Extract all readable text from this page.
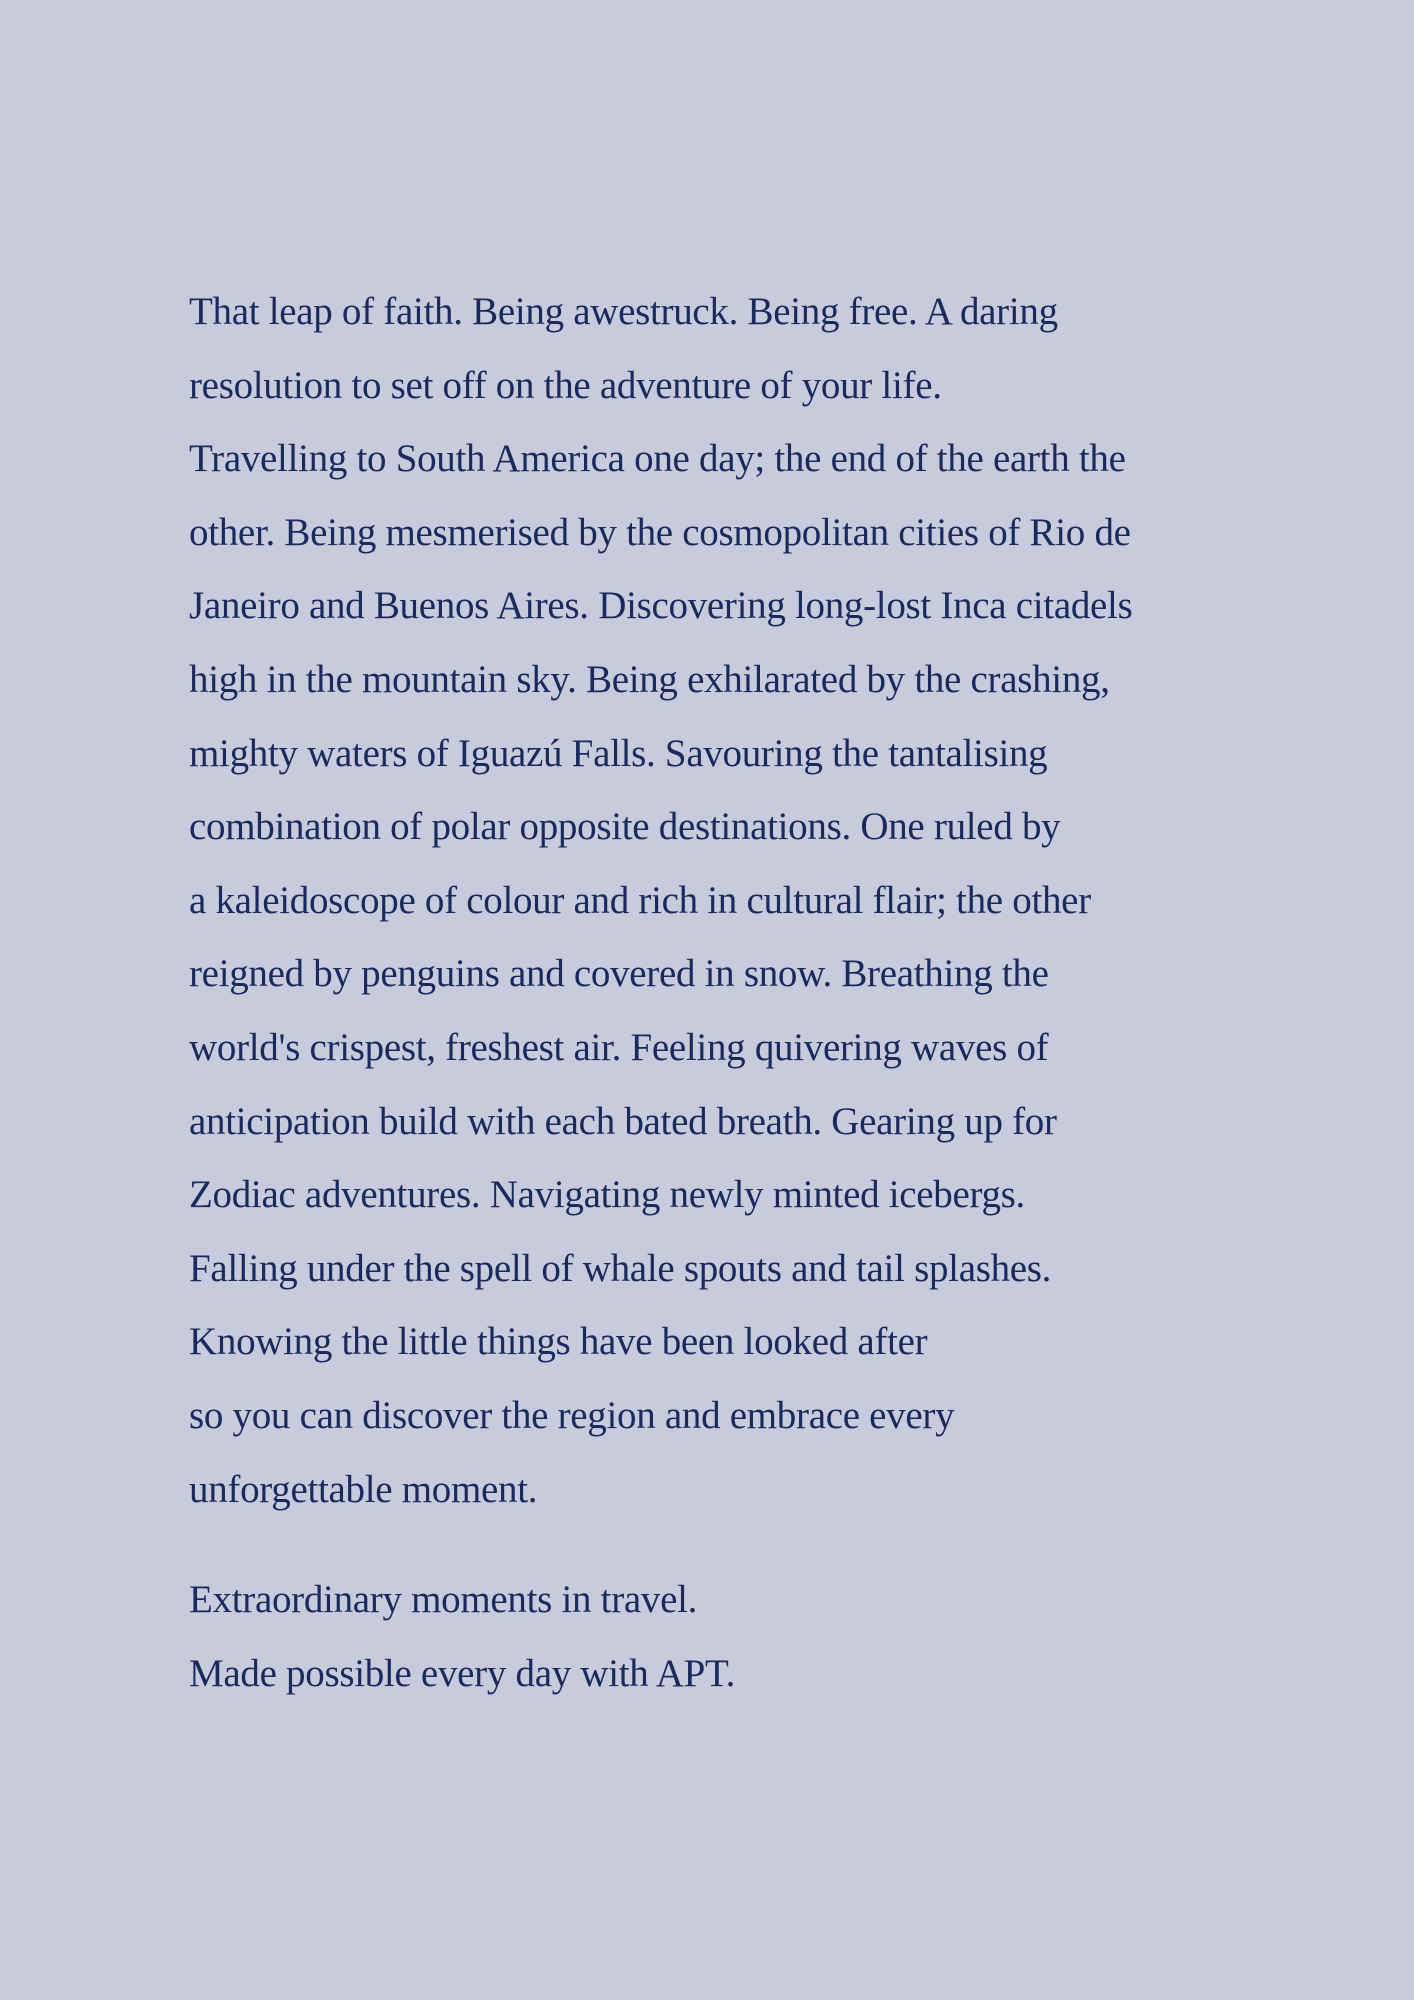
That leap of faith. Being awestruck. Being free. A daring
resolution to set off on the adventure of your life.
Travelling to South America one day; the end of the earth the
other. Being mesmerised by the cosmopolitan cities of Rio de
Janeiro and Buenos Aires. Discovering long-lost Inca citadels
high in the mountain sky. Being exhilarated by the crashing,
mighty waters of Iguazú Falls. Savouring the tantalising
combination of polar opposite destinations. One ruled by
a kaleidoscope of colour and rich in cultural flair; the other
reigned by penguins and covered in snow. Breathing the
world's crispest, freshest air. Feeling quivering waves of
anticipation build with each bated breath. Gearing up for
Zodiac adventures. Navigating newly minted icebergs.
Falling under the spell of whale spouts and tail splashes.
Knowing the little things have been looked after
so you can discover the region and embrace every
unforgettable moment.
Extraordinary moments in travel.
Made possible every day with APT.
